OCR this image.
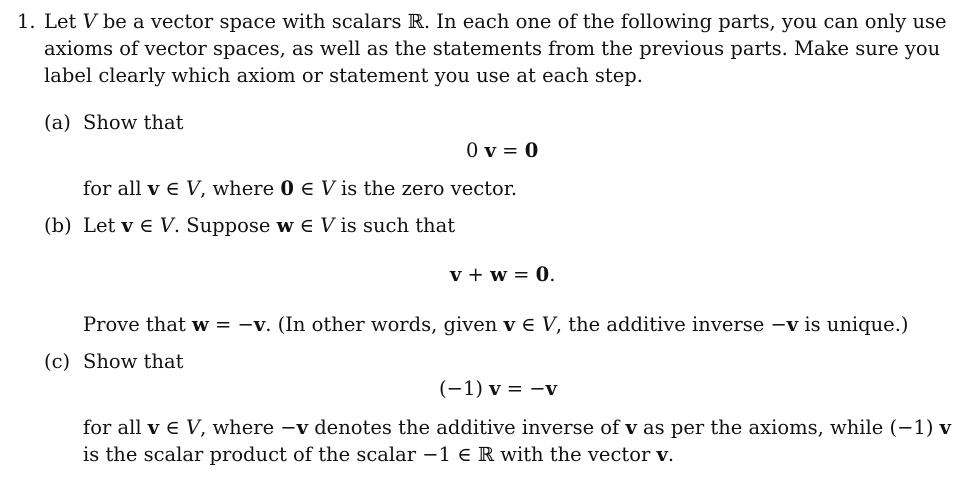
1. Let V be a vector space with scalars ℝ. In each one of the following parts, you can only use
axioms of vector spaces, as well as the statements from the previous parts. Make sure you
label clearly which axiom or statement you use at each step.
(a) Show that
0 v = 0
for all v ∈ V, where 0 ∈ V is the zero vector.
(b) Let v ∈ V. Suppose w ∈ V is such that
v + w = 0.
Prove that w = −v. (In other words, given v ∈ V, the additive inverse −v is unique.)
(c) Show that
(−1) v = −v
for all v ∈ V, where −v denotes the additive inverse of v as per the axioms, while (−1) v
is the scalar product of the scalar −1 ∈ ℝ with the vector v.
